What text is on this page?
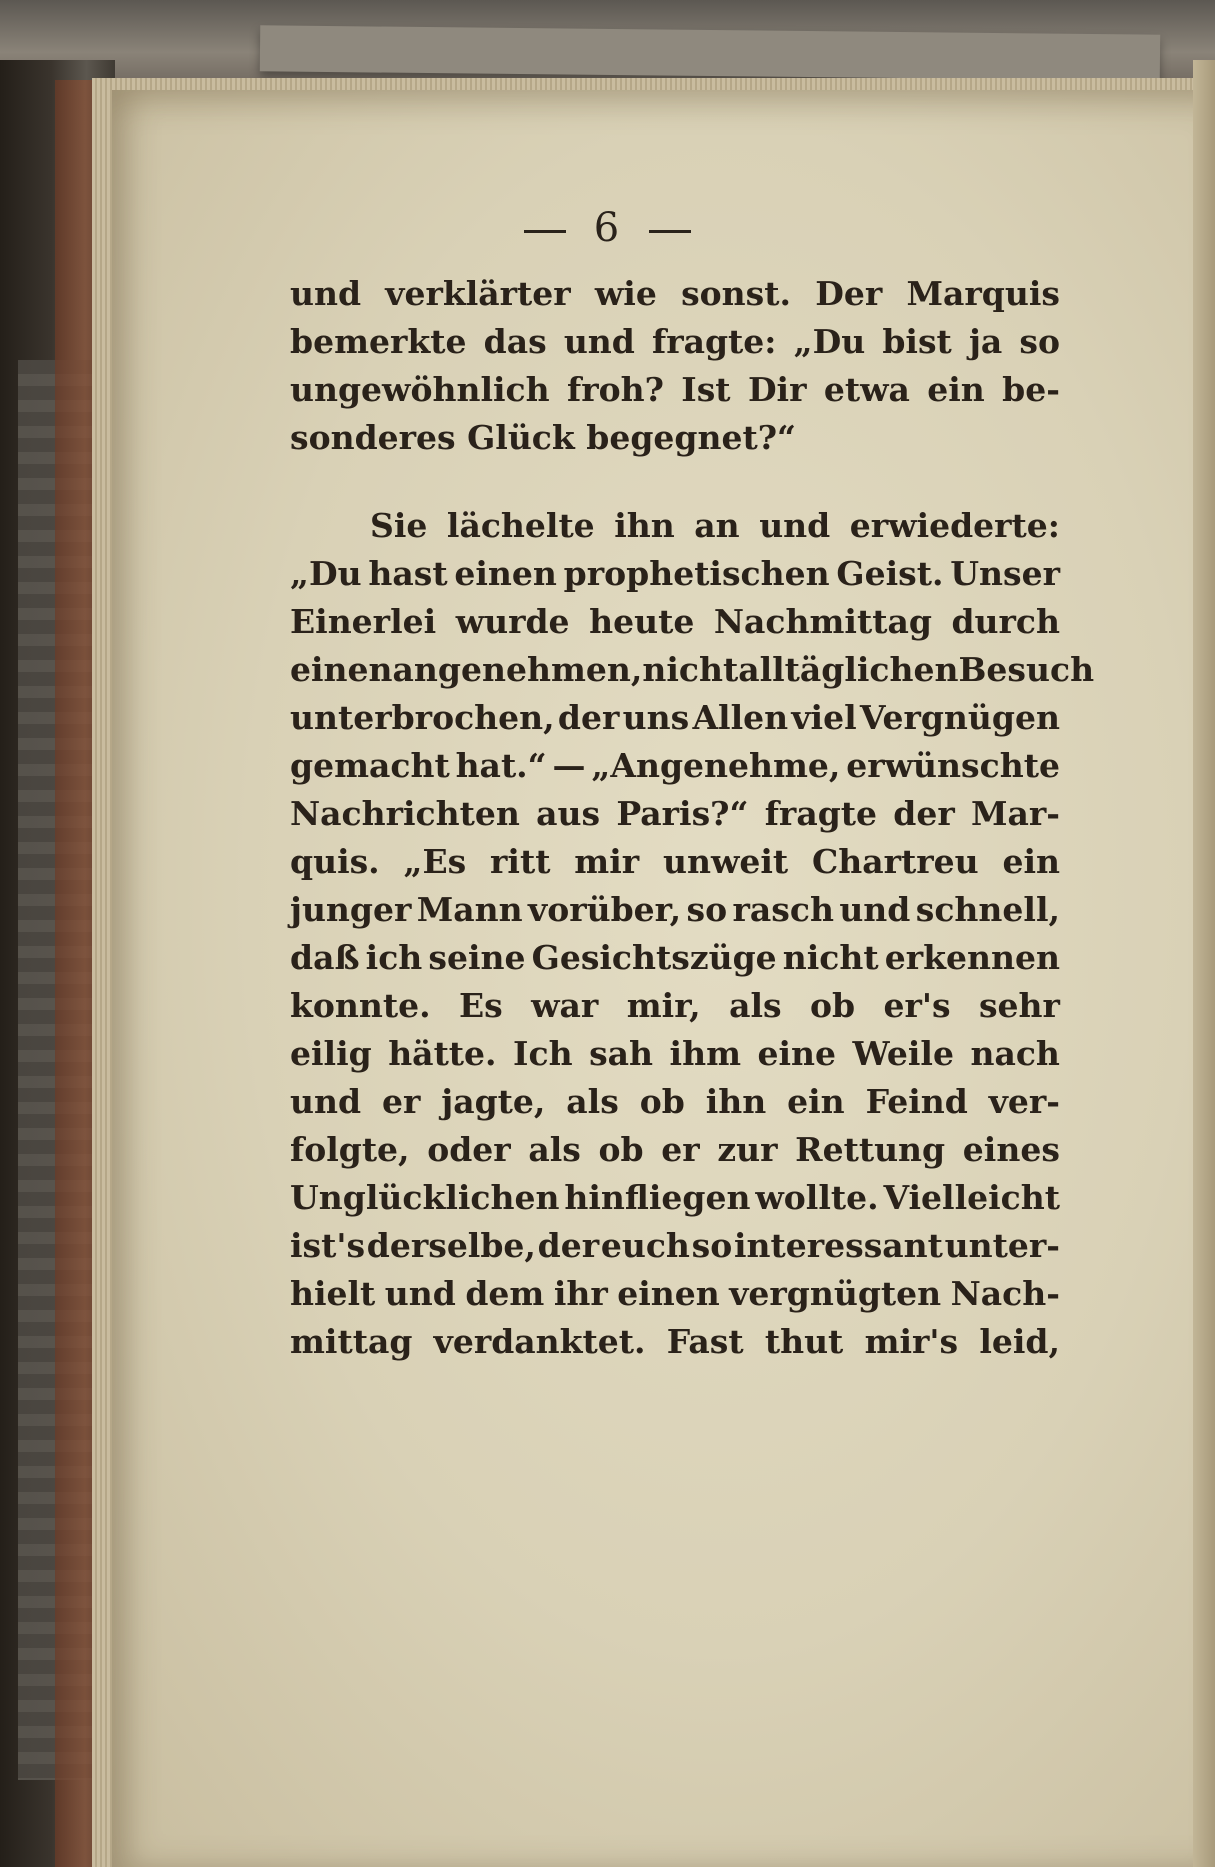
6
und verklärter wie sonst. Der Marquis
bemerkte das und fragte: „Du bist ja so
ungewöhnlich froh? Ist Dir etwa ein be-
sonderes Glück begegnet?“
Sie lächelte ihn an und erwiederte:
„Du hast einen prophetischen Geist. Unser
Einerlei wurde heute Nachmittag durch
einen angenehmen, nicht alltäglichen Besuch
unterbrochen, der uns Allen viel Vergnügen
gemacht hat.“ — „Angenehme, erwünschte
Nachrichten aus Paris?“ fragte der Mar-
quis. „Es ritt mir unweit Chartreu ein
junger Mann vorüber, so rasch und schnell,
daß ich seine Gesichtszüge nicht erkennen
konnte. Es war mir, als ob er's sehr
eilig hätte. Ich sah ihm eine Weile nach
und er jagte, als ob ihn ein Feind ver-
folgte, oder als ob er zur Rettung eines
Unglücklichen hinfliegen wollte. Vielleicht
ist's derselbe, der euch so interessant unter-
hielt und dem ihr einen vergnügten Nach-
mittag verdanktet. Fast thut mir's leid,
